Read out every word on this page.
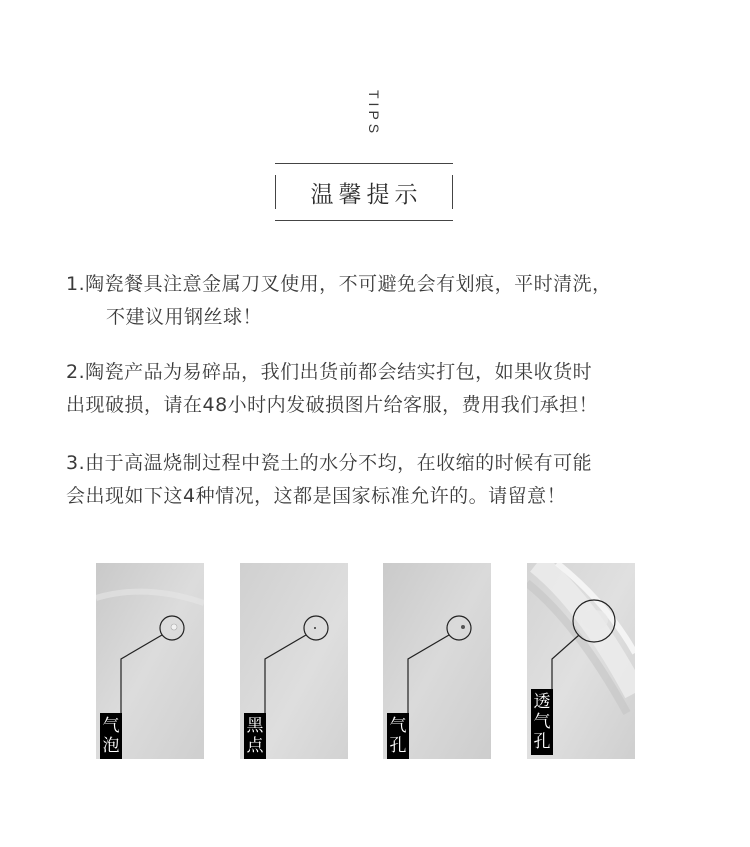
TIPS
温馨提示
1.陶瓷餐具注意金属刀叉使用，不可避免会有划痕，平时清洗，
不建议用钢丝球！
2.陶瓷产品为易碎品，我们出货前都会结实打包，如果收货时
出现破损，请在48小时内发破损图片给客服，费用我们承担！
3.由于高温烧制过程中瓷土的水分不均，在收缩的时候有可能
会出现如下这4种情况，这都是国家标准允许的。请留意！
气
泡
黑
点
气
孔
透
气
孔
